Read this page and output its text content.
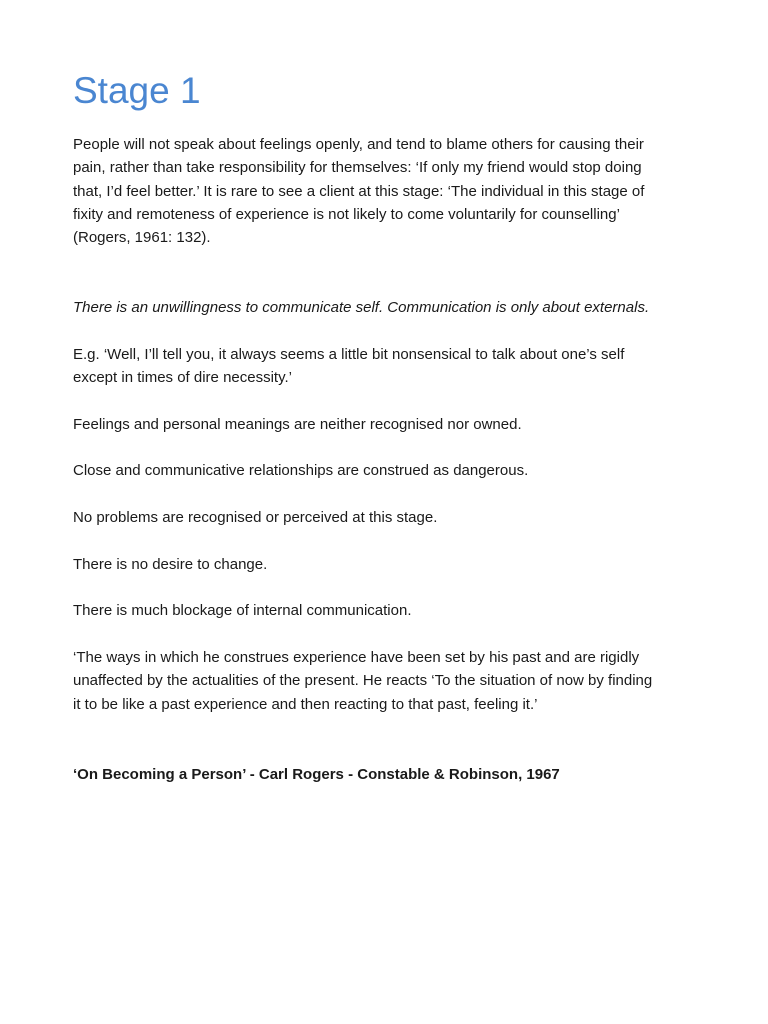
Stage 1

People will not speak about feelings openly, and tend to blame others for causing their pain, rather than take responsibility for themselves: ‘If only my friend would stop doing that, I’d feel better.’ It is rare to see a client at this stage: ‘The individual in this stage of fixity and remoteness of experience is not likely to come voluntarily for counselling’ (Rogers, 1961: 132).

There is an unwillingness to communicate self. Communication is only about externals.

E.g. ‘Well, I’ll tell you, it always seems a little bit nonsensical to talk about one’s self except in times of dire necessity.’

Feelings and personal meanings are neither recognised nor owned.

Close and communicative relationships are construed as dangerous.

No problems are recognised or perceived at this stage.

There is no desire to change.

There is much blockage of internal communication.

‘The ways in which he construes experience have been set by his past and are rigidly unaffected by the actualities of the present. He reacts ‘To the situation of now by finding it to be like a past experience and then reacting to that past, feeling it.’

‘On Becoming a Person’ - Carl Rogers - Constable & Robinson, 1967
